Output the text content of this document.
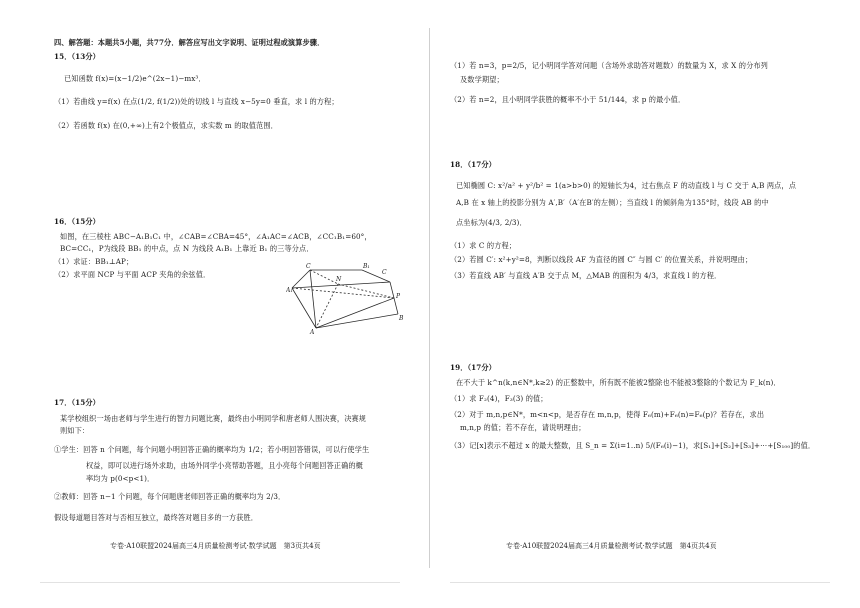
四、解答题：本题共5小题，共77分．解答应写出文字说明、证明过程或演算步骤．
15．（13分）
已知函数 f(x)=(x−1/2)e^(2x−1)−mx³．
（1）若曲线 y=f(x) 在点(1/2, f(1/2))处的切线 l 与直线 x−5y=0 垂直，求 l 的方程；
（2）若函数 f(x) 在(0,+∞)上有2个极值点，求实数 m 的取值范围．
16．（15分）
如图，在三棱柱 ABC−A₁B₁C₁ 中，∠CAB=∠CBA=45°，∠A₁AC=∠ACB，∠CC₁B₁=60°，
BC=CC₁，P为线段 BB₁ 的中点，点 N 为线段 A₁B₁ 上靠近 B₁ 的三等分点．
（1）求证：BB₁⊥AP；
（2）求平面 NCP 与平面 ACP 夹角的余弦值．
C	B₁
A₁
N
P
A
C
B
17．（15分）
某学校组织一场由老师与学生进行的智力问题比赛，最终由小明同学和唐老师人围决赛，决赛规
则如下：
①学生：回答 n 个问题，每个问题小明回答正确的概率均为 1/2；若小明回答错误，可以行使学生
权益，即可以进行场外求助，由场外同学小亮帮助答题，且小亮每个问题回答正确的概
率均为 p(0<p<1)．
②教师：回答 n−1 个问题，每个问题唐老师回答正确的概率均为 2/3．
假设每道题目答对与否相互独立，最终答对题目多的一方获胜．
专卷·A10联盟2024届高三4月质量检测考试·数学试题　第3页共4页
（1）若 n=3，p=2/5，记小明同学答对问题（含场外求助答对题数）的数量为 X，求 X 的分布列
及数学期望；
（2）若 n=2，且小明同学获胜的概率不小于 51/144，求 p 的最小值．
18．（17分）
已知椭圆 C: x²/a² + y²/b² = 1(a>b>0) 的短轴长为4，过右焦点 F 的动直线 l 与 C 交于 A,B 两点，点
A,B 在 x 轴上的投影分别为 A′,B′（A′在B′的左侧）；当直线 l 的倾斜角为135°时，线段 AB 的中
点坐标为(4/3, 2/3)．
（1）求 C 的方程；
（2）若圆 C′: x²+y²=8，判断以线段 AF 为直径的圆 C″ 与圆 C′ 的位置关系，并说明理由；
（3）若直线 AB′ 与直线 A′B 交于点 M，△MAB 的面积为 4/3，求直线 l 的方程．
19．（17分）
在不大于 k^n(k,n∈N*,k≥2) 的正整数中，所有既不能被2整除也不能被3整除的个数记为 F_k(n)．
（1）求 F₂(4)，F₃(3) 的值；
（2）对于 m,n,p∈N*，m<n<p，是否存在 m,n,p，使得 F₆(m)+F₆(n)=F₆(p)？若存在，求出
m,n,p 的值；若不存在，请说明理由；
（3）记[x]表示不超过 x 的最大整数，且 S_n = Σ(i=1..n) 5/(F₆(i)−1)，求[S₁]+[S₂]+[S₃]+⋯+[S₁₀₀]的值．
专卷·A10联盟2024届高三4月质量检测考试·数学试题　第4页共4页
